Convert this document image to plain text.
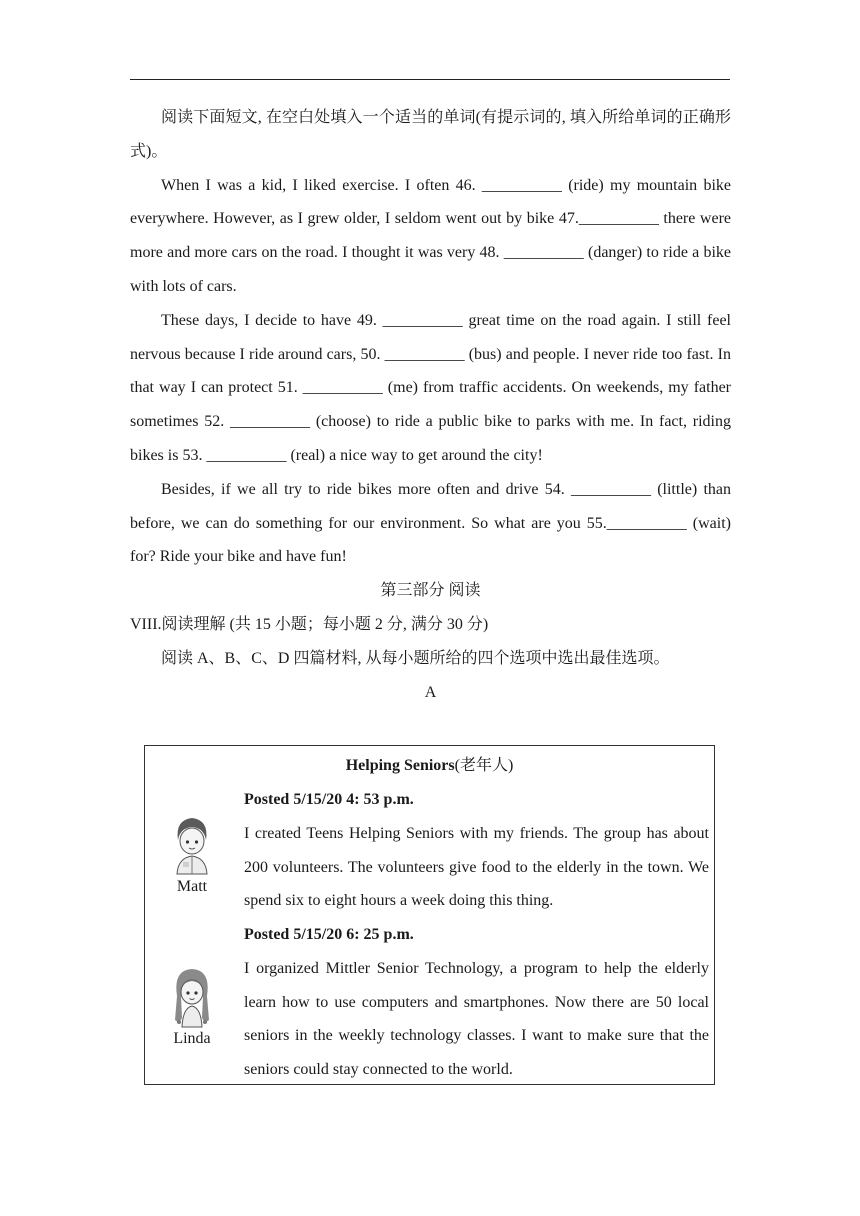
阅读下面短文, 在空白处填入一个适当的单词(有提示词的, 填入所给单词的正确形式)。

When I was a kid, I liked exercise. I often 46. __________ (ride) my mountain bike everywhere. However, as I grew older, I seldom went out by bike 47.__________ there were more and more cars on the road. I thought it was very 48. __________ (danger) to ride a bike with lots of cars.

These days, I decide to have 49. __________ great time on the road again. I still feel nervous because I ride around cars, 50. __________ (bus) and people. I never ride too fast. In that way I can protect 51. __________ (me) from traffic accidents. On weekends, my father sometimes 52. __________ (choose) to ride a public bike to parks with me. In fact, riding bikes is 53. __________ (real) a nice way to get around the city!

Besides, if we all try to ride bikes more often and drive 54. __________ (little) than before, we can do something for our environment. So what are you 55.__________ (wait) for? Ride your bike and have fun!

第三部分 阅读

VIII.阅读理解 (共 15 小题；每小题 2 分, 满分 30 分)

阅读 A、B、C、D 四篇材料, 从每小题所给的四个选项中选出最佳选项。

A

Helping Seniors(老年人)
Matt

Posted 5/15/20 4: 53 p.m.

I created Teens Helping Seniors with my friends. The group has about 200 volunteers. The volunteers give food to the elderly in the town. We spend six to eight hours a week doing this thing.

Linda

Posted 5/15/20 6: 25 p.m.

I organized Mittler Senior Technology, a program to help the elderly learn how to use computers and smartphones. Now there are 50 local seniors in the weekly technology classes. I want to make sure that the seniors could stay connected to the world.
